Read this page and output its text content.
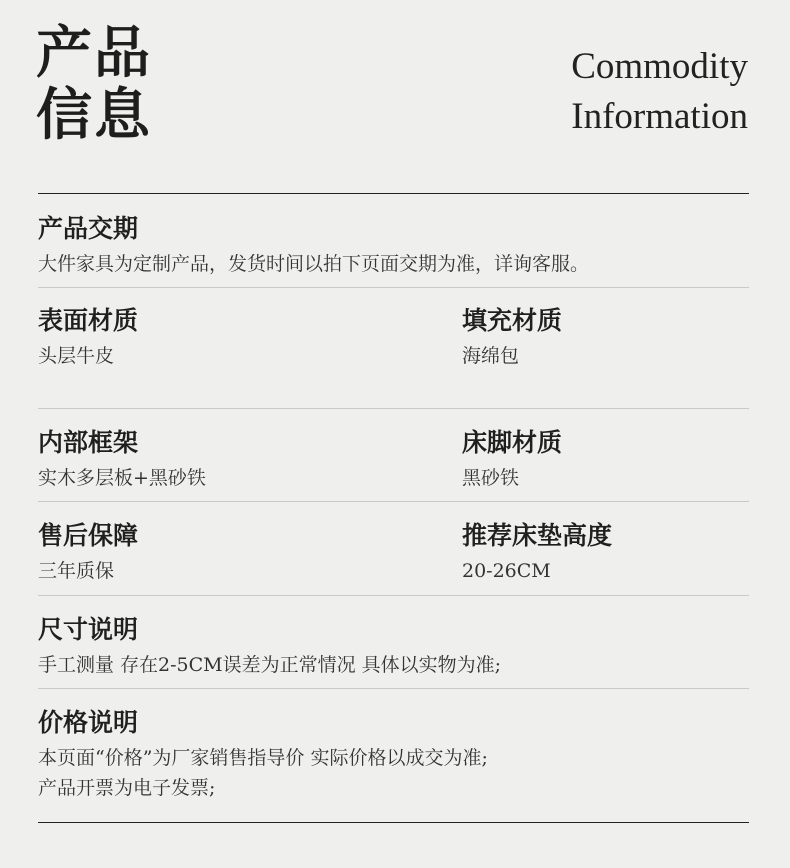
产品
信息
Commodity
Information
产品交期
大件家具为定制产品，发货时间以拍下页面交期为准，详询客服。
表面材质
头层牛皮
填充材质
海绵包
内部框架
实木多层板+黑砂铁
床脚材质
黑砂铁
售后保障
三年质保
推荐床垫高度
20-26CM
尺寸说明
手工测量 存在2-5CM误差为正常情况 具体以实物为准;
价格说明
本页面“价格”为厂家销售指导价 实际价格以成交为准;
产品开票为电子发票;
